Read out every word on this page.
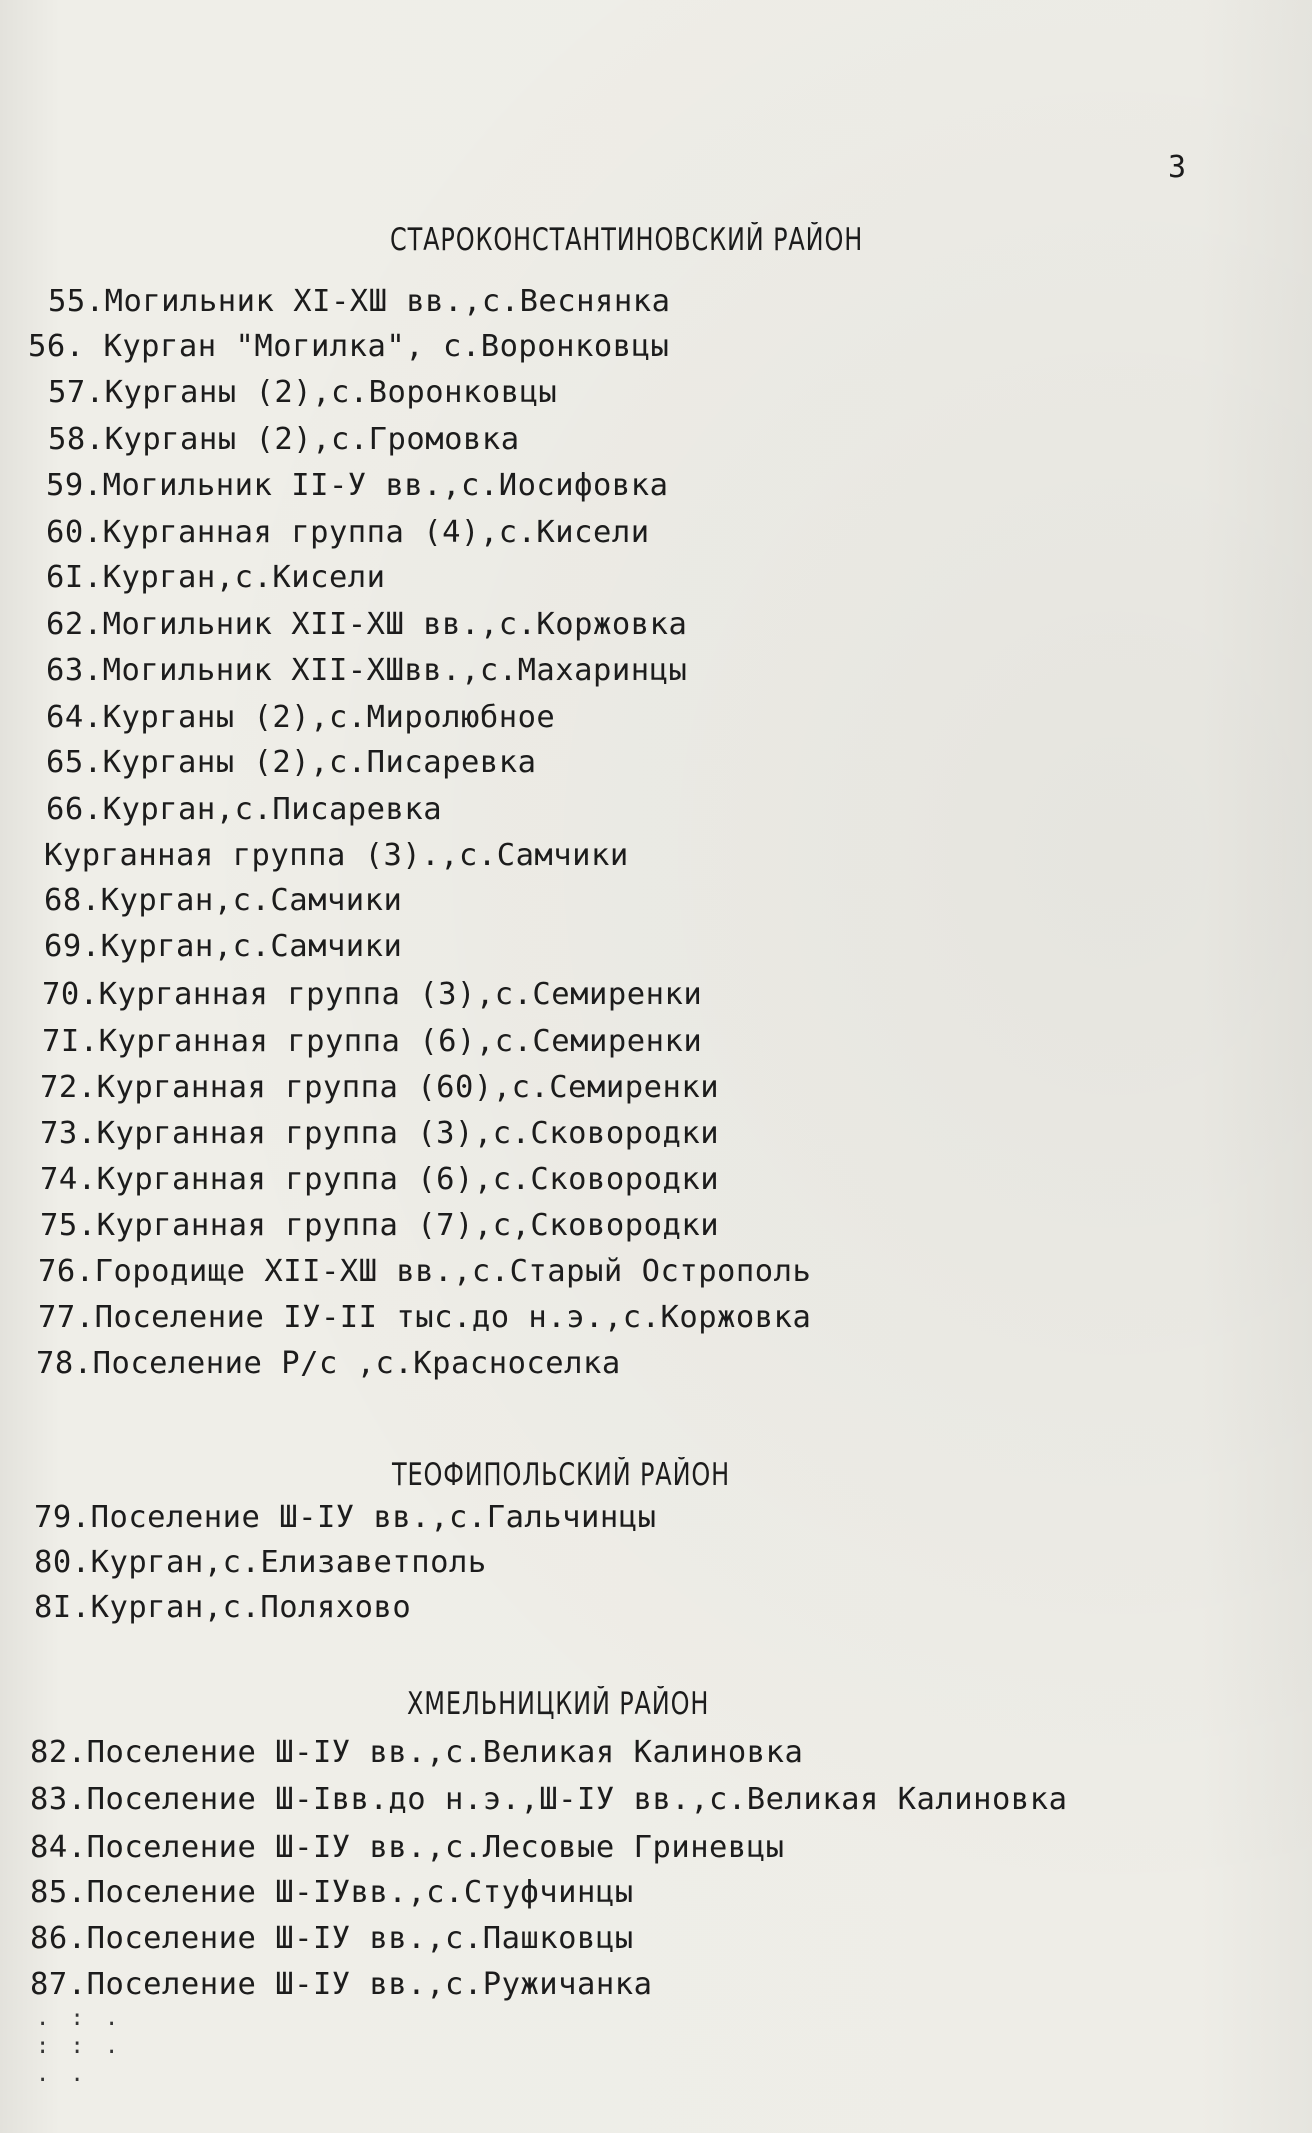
3
СТАРОКОНСТАНТИНОВСКИЙ РАЙОН
55.Могильник XI-XШ вв.,с.Веснянка
56. Курган "Могилка", с.Воронковцы
57.Курганы (2),с.Воронковцы
58.Курганы (2),с.Громовка
59.Могильник II-У вв.,с.Иосифовка
60.Курганная группа (4),с.Кисели
6I.Курган,с.Кисели
62.Могильник XII-XШ вв.,с.Коржовка
63.Могильник XII-XШвв.,с.Махаринцы
64.Курганы (2),с.Миролюбное
65.Курганы (2),с.Писаревка
66.Курган,с.Писаревка
Курганная группа (3).,с.Самчики
68.Курган,с.Самчики
69.Курган,с.Самчики
70.Курганная группа (3),с.Семиренки
7I.Курганная группа (6),с.Семиренки
72.Курганная группа (60),с.Семиренки
73.Курганная группа (3),с.Сковородки
74.Курганная группа (6),с.Сковородки
75.Курганная группа (7),с,Сковородки
76.Городище XII-XШ вв.,с.Старый Острополь
77.Поселение IУ-II тыс.до н.э.,с.Коржовка
78.Поселение Р/с ,с.Красноселка
ТЕОФИПОЛЬСКИЙ РАЙОН
79.Поселение Ш-IУ вв.,с.Гальчинцы
80.Курган,с.Елизаветполь
8I.Курган,с.Поляхово
ХМЕЛЬНИЦКИЙ РАЙОН
82.Поселение Ш-IУ вв.,с.Великая Калиновка
83.Поселение Ш-Iвв.до н.э.,Ш-IУ вв.,с.Великая Калиновка
84.Поселение Ш-IУ вв.,с.Лесовые Гриневцы
85.Поселение Ш-IУвв.,с.Стуфчинцы
86.Поселение Ш-IУ вв.,с.Пашковцы
87.Поселение Ш-IУ вв.,с.Ружичанка
. : .
: : .
. .
